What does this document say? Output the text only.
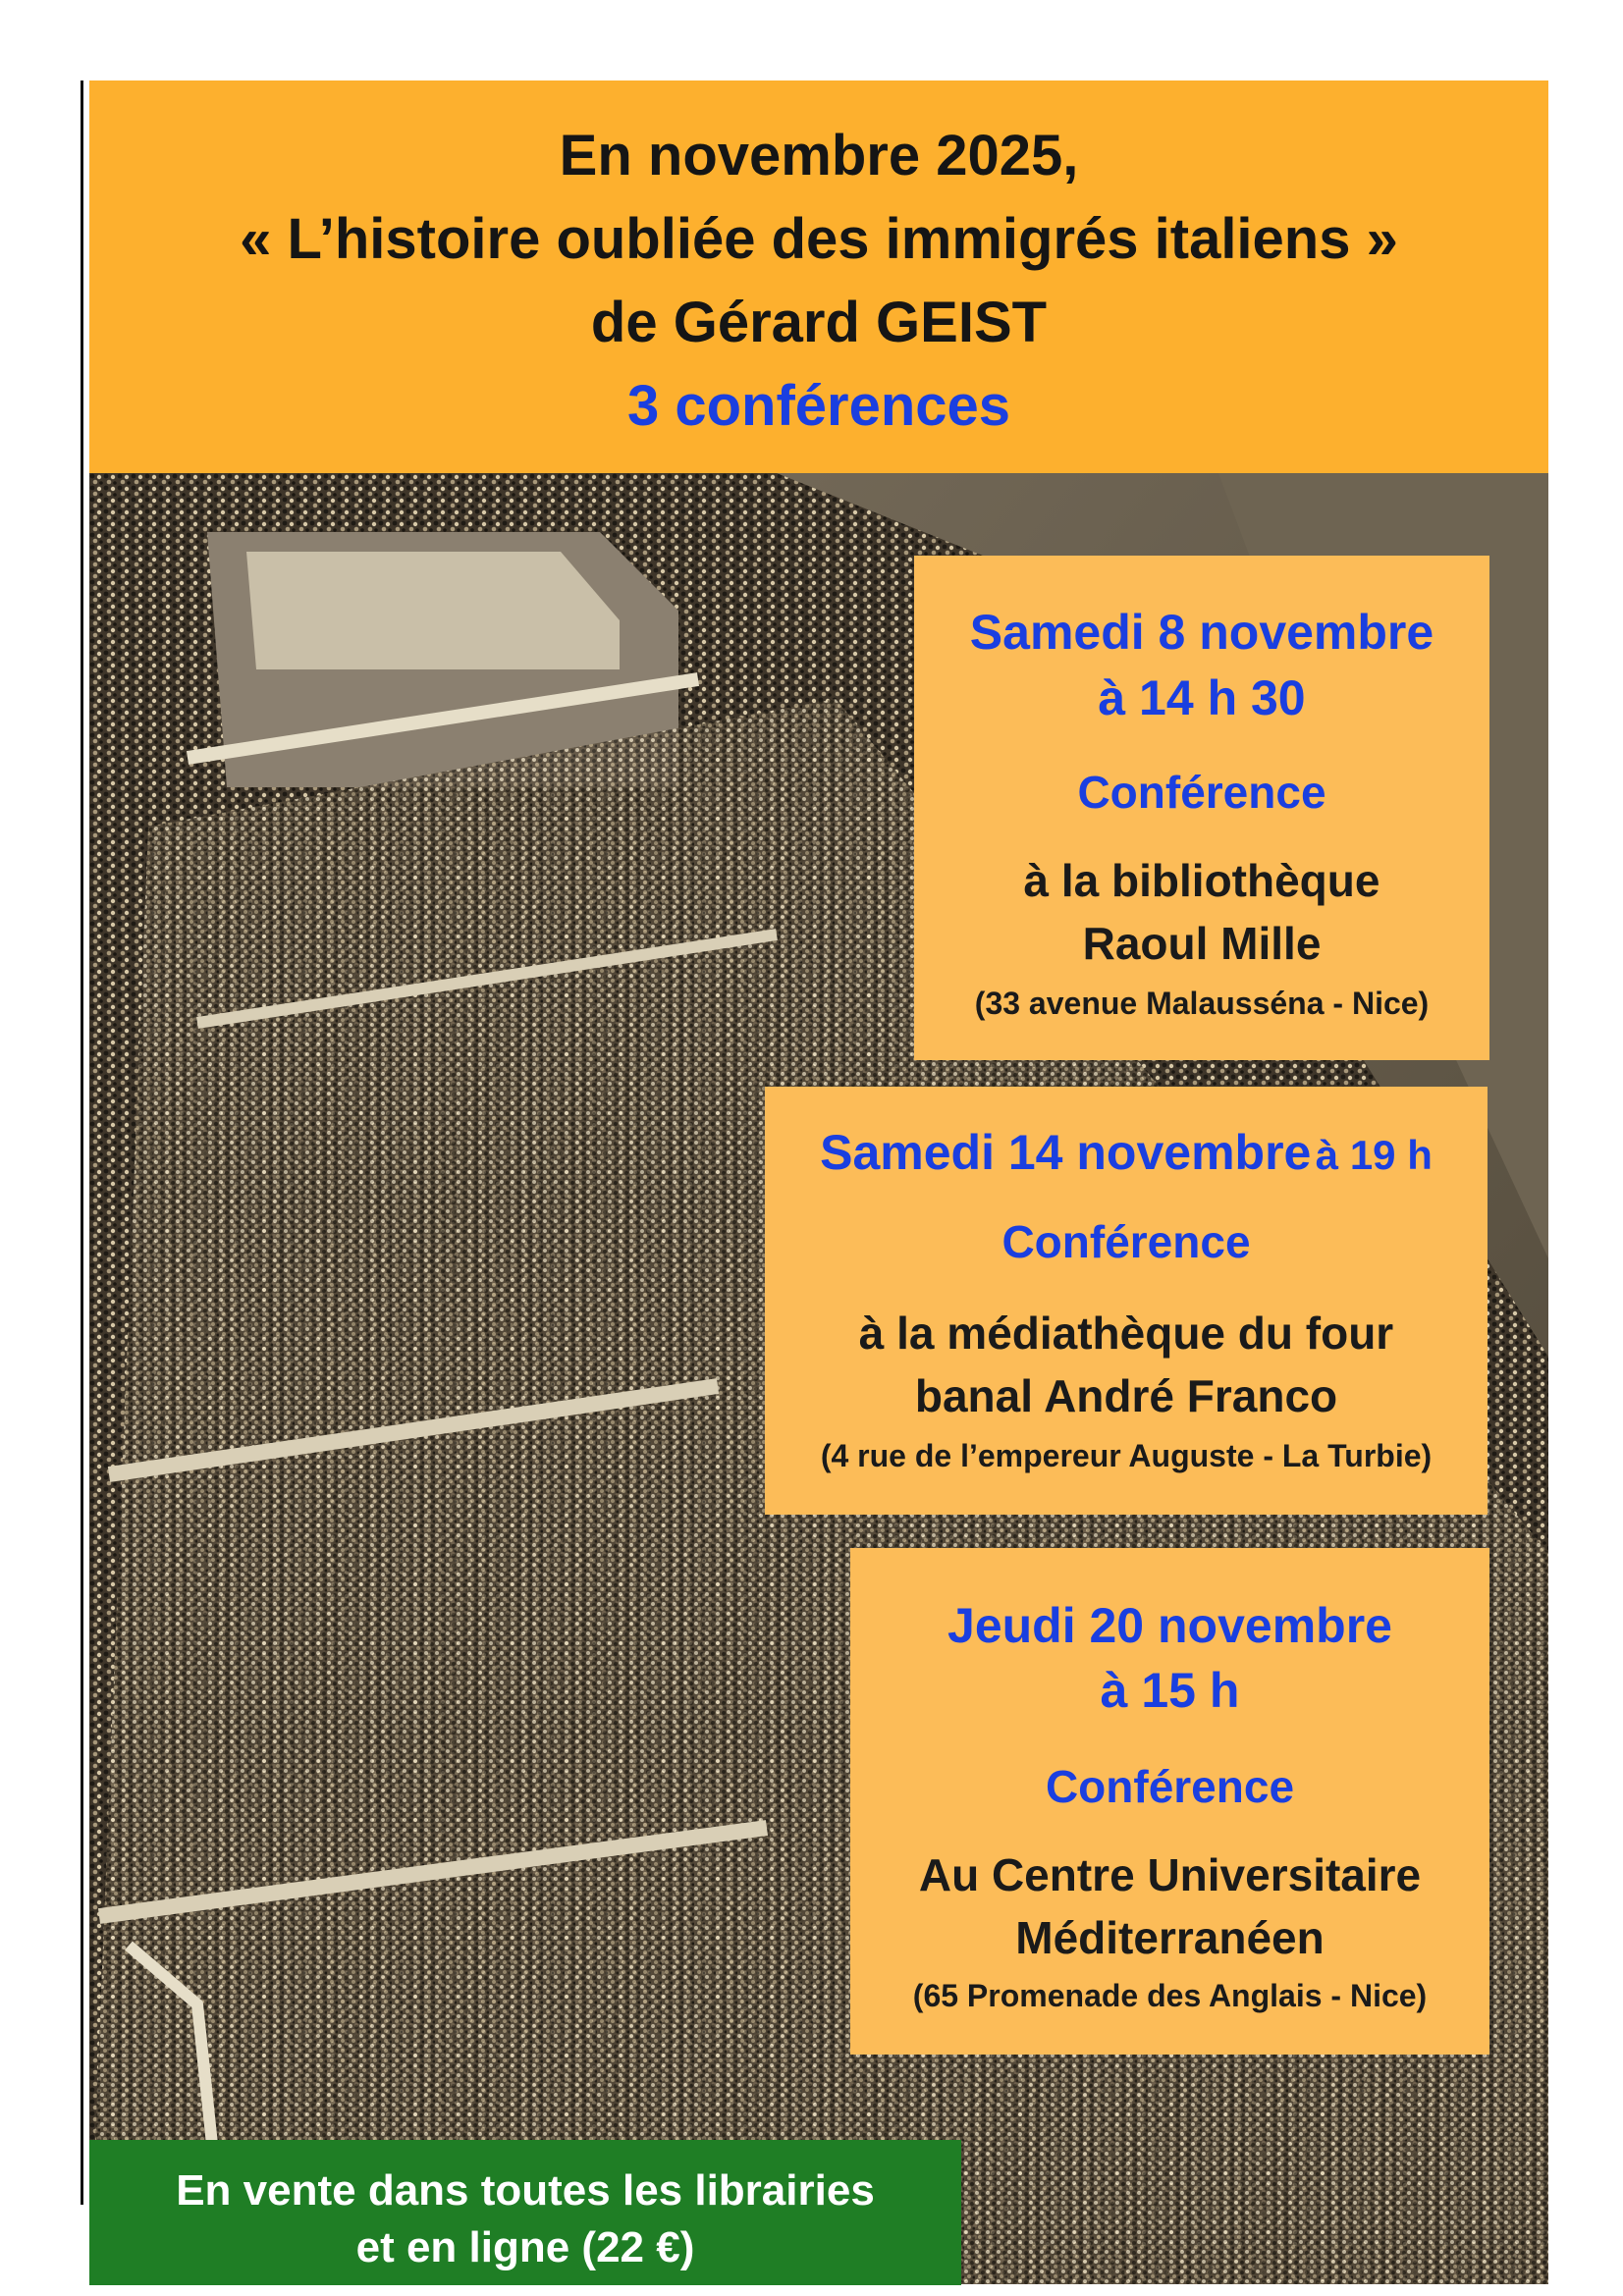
En novembre 2025,
« L’histoire oubliée des immigrés italiens »
de Gérard GEIST
3 conférences
Samedi 8 novembre
à 14 h 30
Conférence
à la bibliothèque
Raoul Mille
(33 avenue Malausséna - Nice)
Samedi 14 novembre à 19 h
Conférence
à la médiathèque du four
banal André Franco
(4 rue de l’empereur Auguste - La Turbie)
Jeudi 20 novembre
à 15 h
Conférence
Au Centre Universitaire
Méditerranéen
(65 Promenade des Anglais - Nice)
En vente dans toutes les librairies
et en ligne (22 €)
